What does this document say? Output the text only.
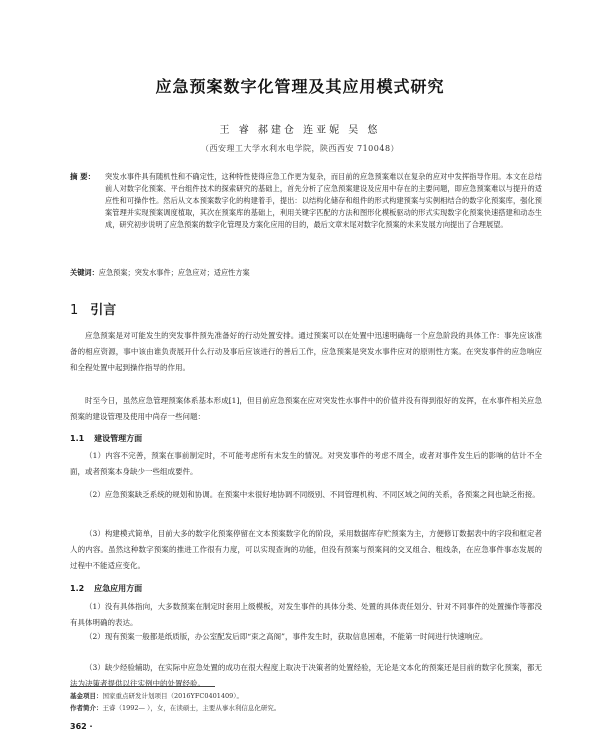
应急预案数字化管理及其应用模式研究
王 睿 郝建仓 连亚妮 吴 悠
（西安理工大学水利水电学院，陕西西安 710048）
摘 要： 突发水事件具有随机性和不确定性，这种特性使得应急工作更为复杂，而目前的应急预案难以在复杂的应对中发挥指导作用。本文在总结前人对数字化预案、平台组件技术的探索研究的基础上，首先分析了应急预案建设及应用中存在的主要问题，即应急预案难以与提升的适应性和可操作性。然后从文本预案数字化的构建着手，提出：以结构化储存和组件的形式构建预案与实例相结合的数字化预案库，强化预案管理并实现预案调度植取，其次在预案库的基础上，利用关键字匹配的方法和图形化模板驱动的形式实现数字化预案快速搭建和动态生成，研究初步说明了应急预案的数字化管理及方案化应用的目的，最后文章末尾对数字化预案的未来发展方向提出了合理展望。
关键词：应急预案；突发水事件；应急应对；适应性方案
1 引言
应急预案是对可能发生的突发事件预先准备好的行动处置安排。通过预案可以在处置中迅速明确每一个应急阶段的具体工作：事先应该准备的相应资源，事中该由谁负责展开什么行动及事后应该进行的善后工作，应急预案是突发水事件应对的原则性方案。在突发事件的应急响应和全程处置中起到操作指导的作用。
时至今日，虽然应急管理预案体系基本形成[1]，但目前应急预案在应对突发性水事件中的价值并没有得到很好的发挥，在水事件相关应急预案的建设管理及使用中尚存一些问题：
1.1 建设管理方面
（1）内容不完善，预案在事前制定时，不可能考虑所有未发生的情况。对突发事件的考虑不周全，或者对事件发生后的影响的估计不全面，或者预案本身缺少一些组成要件。
（2）应急预案缺乏系统的规划和协调。在预案中未很好地协调不同级别、不同管理机构、不同区域之间的关系，各预案之间也缺乏衔接。
（3）构建模式简单，目前大多的数字化预案停留在文本预案数字化的阶段，采用数据库存贮预案为主，方便修订数据表中的字段和框定者人的内容。虽然这种数字预案的推进工作很有力度，可以实现查询的功能，但没有预案与预案间的交叉组合、粗线条，在应急事件事态发展的过程中不能适应变化。
1.2 应急应用方面
（1）没有具体指向，大多数预案在制定时套用上级模板，对发生事件的具体分类、处置的具体责任划分、针对不同事件的处置操作等都没有具体明确的表达。
（2）现有预案一般都是纸质版，办公室配发后即“束之高阁”，事件发生时，获取信息困难，不能第一时间进行快速响应。
（3）缺少经验辅助，在实际中应急处置的成功在很大程度上取决于决策者的处置经验，无论是文本化的预案还是目前的数字化预案，都无法为决策者提供以往实例中的处置经验。
基金项目：国家重点研发计划项目（2016YFC0401409）。
作者简介：王睿（1992— ），女，在读硕士，主要从事水利信息化研究。
362 ·
